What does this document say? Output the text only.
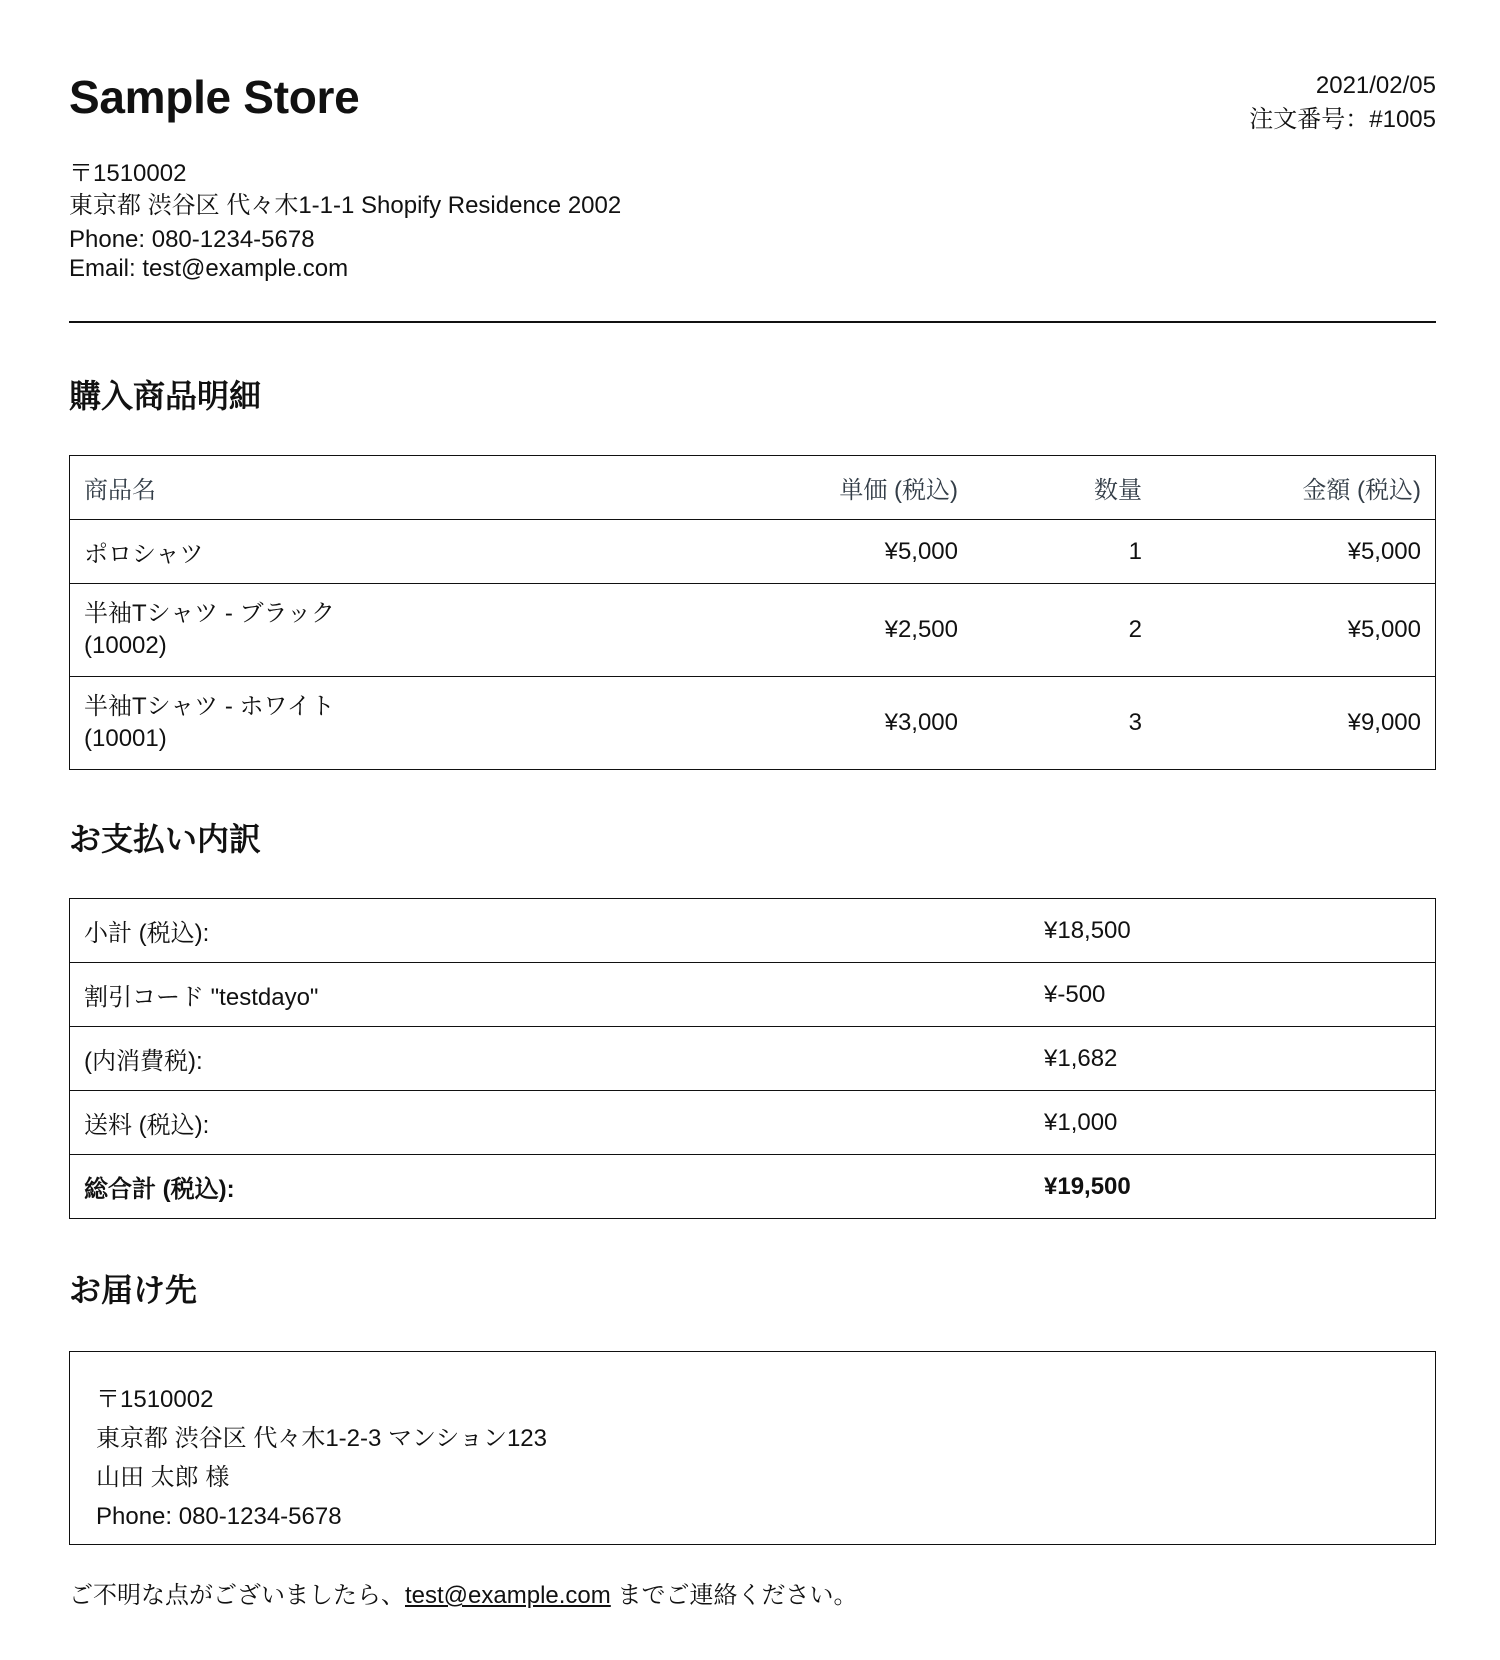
Sample Store	2021/02/05
注文番号：#1005
〒1510002
東京都 渋谷区 代々木1-1-1 Shopify Residence 2002
Phone: 080-1234-5678
Email: test@example.com
購入商品明細
商品名	単価 (税込)	数量	金額 (税込)

ポロシャツ	¥5,000	1	¥5,000

半袖Tシャツ - ブラック
(10002)	¥2,500	2	¥5,000

半袖Tシャツ - ホワイト
(10001)	¥3,000	3	¥9,000
お支払い内訳
小計 (税込):	¥18,500
割引コード "testdayo"	¥-500
(内消費税):	¥1,682
送料 (税込):	¥1,000
総合計 (税込):	¥19,500
お届け先
〒1510002
東京都 渋谷区 代々木1-2-3 マンション123
山田 太郎 様
Phone: 080-1234-5678
ご不明な点がございましたら、test@example.com までご連絡ください。
